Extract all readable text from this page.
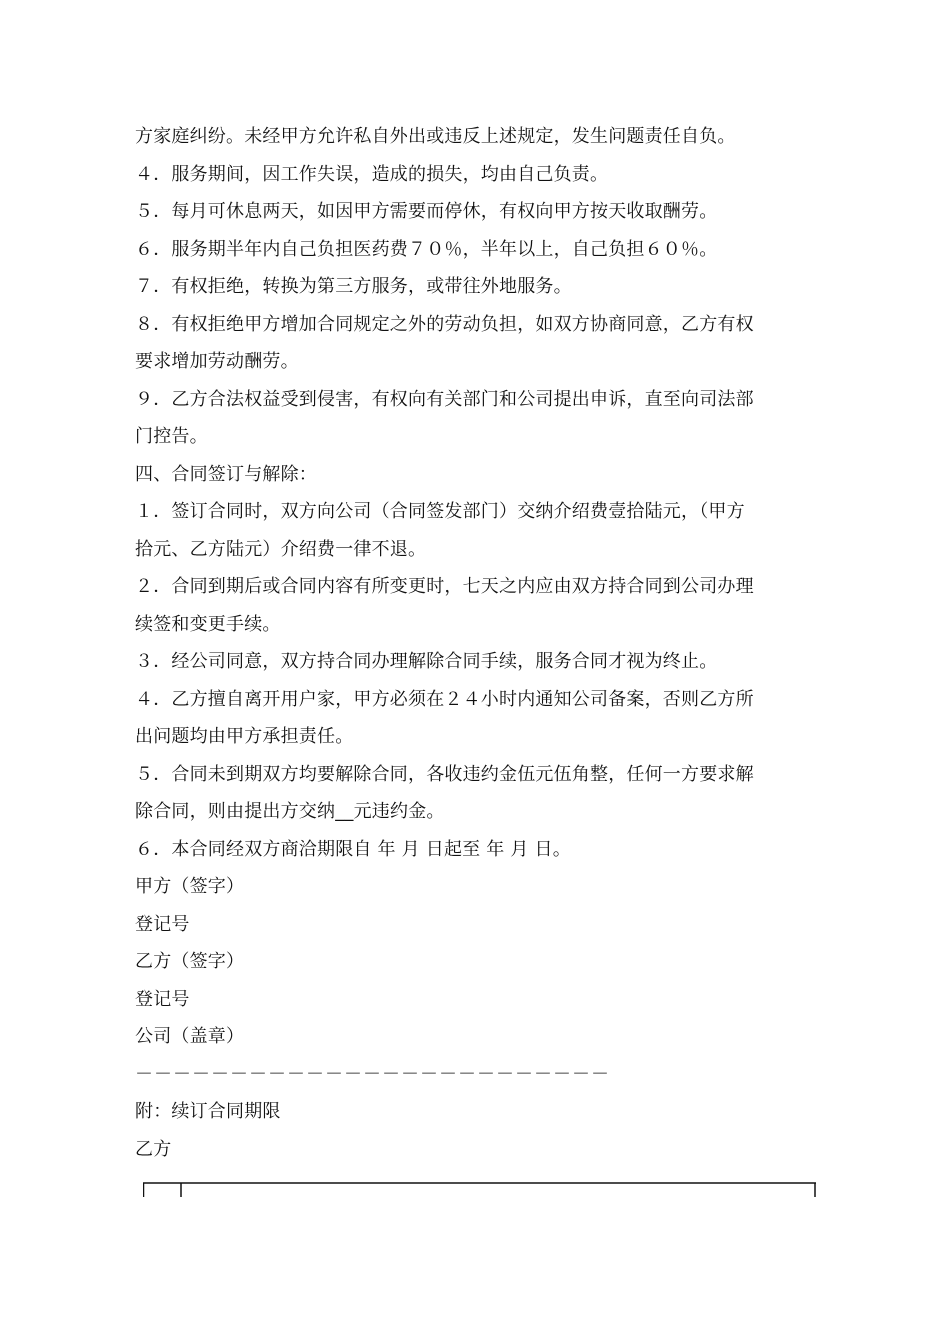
方家庭纠纷。未经甲方允许私自外出或违反上述规定，发生问题责任自负。
４．服务期间，因工作失误，造成的损失，均由自己负责。
５．每月可休息两天，如因甲方需要而停休，有权向甲方按天收取酬劳。
６．服务期半年内自己负担医药费７０％，半年以上，自己负担６０％。
７．有权拒绝，转换为第三方服务，或带往外地服务。
８．有权拒绝甲方增加合同规定之外的劳动负担，如双方协商同意，乙方有权
要求增加劳动酬劳。
９．乙方合法权益受到侵害，有权向有关部门和公司提出申诉，直至向司法部
门控告。
四、合同签订与解除：
１．签订合同时，双方向公司（合同签发部门）交纳介绍费壹拾陆元，（甲方
拾元、乙方陆元）介绍费一律不退。
２．合同到期后或合同内容有所变更时，七天之内应由双方持合同到公司办理
续签和变更手续。
３．经公司同意，双方持合同办理解除合同手续，服务合同才视为终止。
４．乙方擅自离开用户家，甲方必须在２４小时内通知公司备案，否则乙方所
出问题均由甲方承担责任。
５．合同未到期双方均要解除合同，各收违约金伍元伍角整，任何一方要求解
除合同，则由提出方交纳__元违约金。
６．本合同经双方商洽期限自 年 月 日起至 年 月 日。
甲方（签字）
登记号
乙方（签字）
登记号
公司（盖章）
－－－－－－－－－－－－－－－－－－－－－－－－－
附：续订合同期限
乙方
